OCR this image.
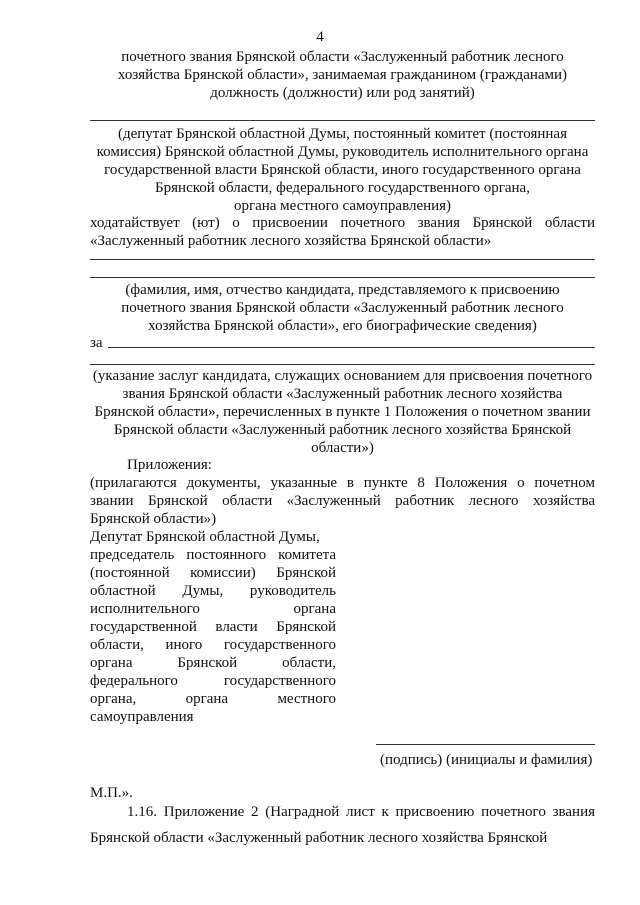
4
почетного звания Брянской области «Заслуженный работник лесного
хозяйства Брянской области», занимаемая гражданином (гражданами)
должность (должности) или род занятий)
(депутат Брянской областной Думы, постоянный комитет (постоянная
комиссия) Брянской областной Думы, руководитель исполнительного органа
государственной власти Брянской области, иного государственного органа
Брянской области, федерального государственного органа,
органа местного самоуправления)
ходатайствует (ют) о присвоении почетного звания Брянской области
«Заслуженный работник лесного хозяйства Брянской области»
(фамилия, имя, отчество кандидата, представляемого к присвоению
почетного звания Брянской области «Заслуженный работник лесного
хозяйства Брянской области», его биографические сведения)
за
(указание заслуг кандидата, служащих основанием для присвоения почетного
звания Брянской области «Заслуженный работник лесного хозяйства
Брянской области», перечисленных в пункте 1 Положения о почетном звании
Брянской области «Заслуженный работник лесного хозяйства Брянской
области»)
Приложения:
(прилагаются документы, указанные в пункте 8 Положения о почетном
звании Брянской области «Заслуженный работник лесного хозяйства
Брянской области»)
Депутат Брянской областной Думы,
председатель постоянного комитета
(постоянной комиссии) Брянской
областной Думы, руководитель
исполнительного органа
государственной власти Брянской
области, иного государственного
органа Брянской области,
федерального государственного
органа, органа местного
самоуправления
(подпись) (инициалы и фамилия)
М.П.».
1.16. Приложение 2 (Наградной лист к присвоению почетного звания
Брянской области «Заслуженный работник лесного хозяйства Брянской
